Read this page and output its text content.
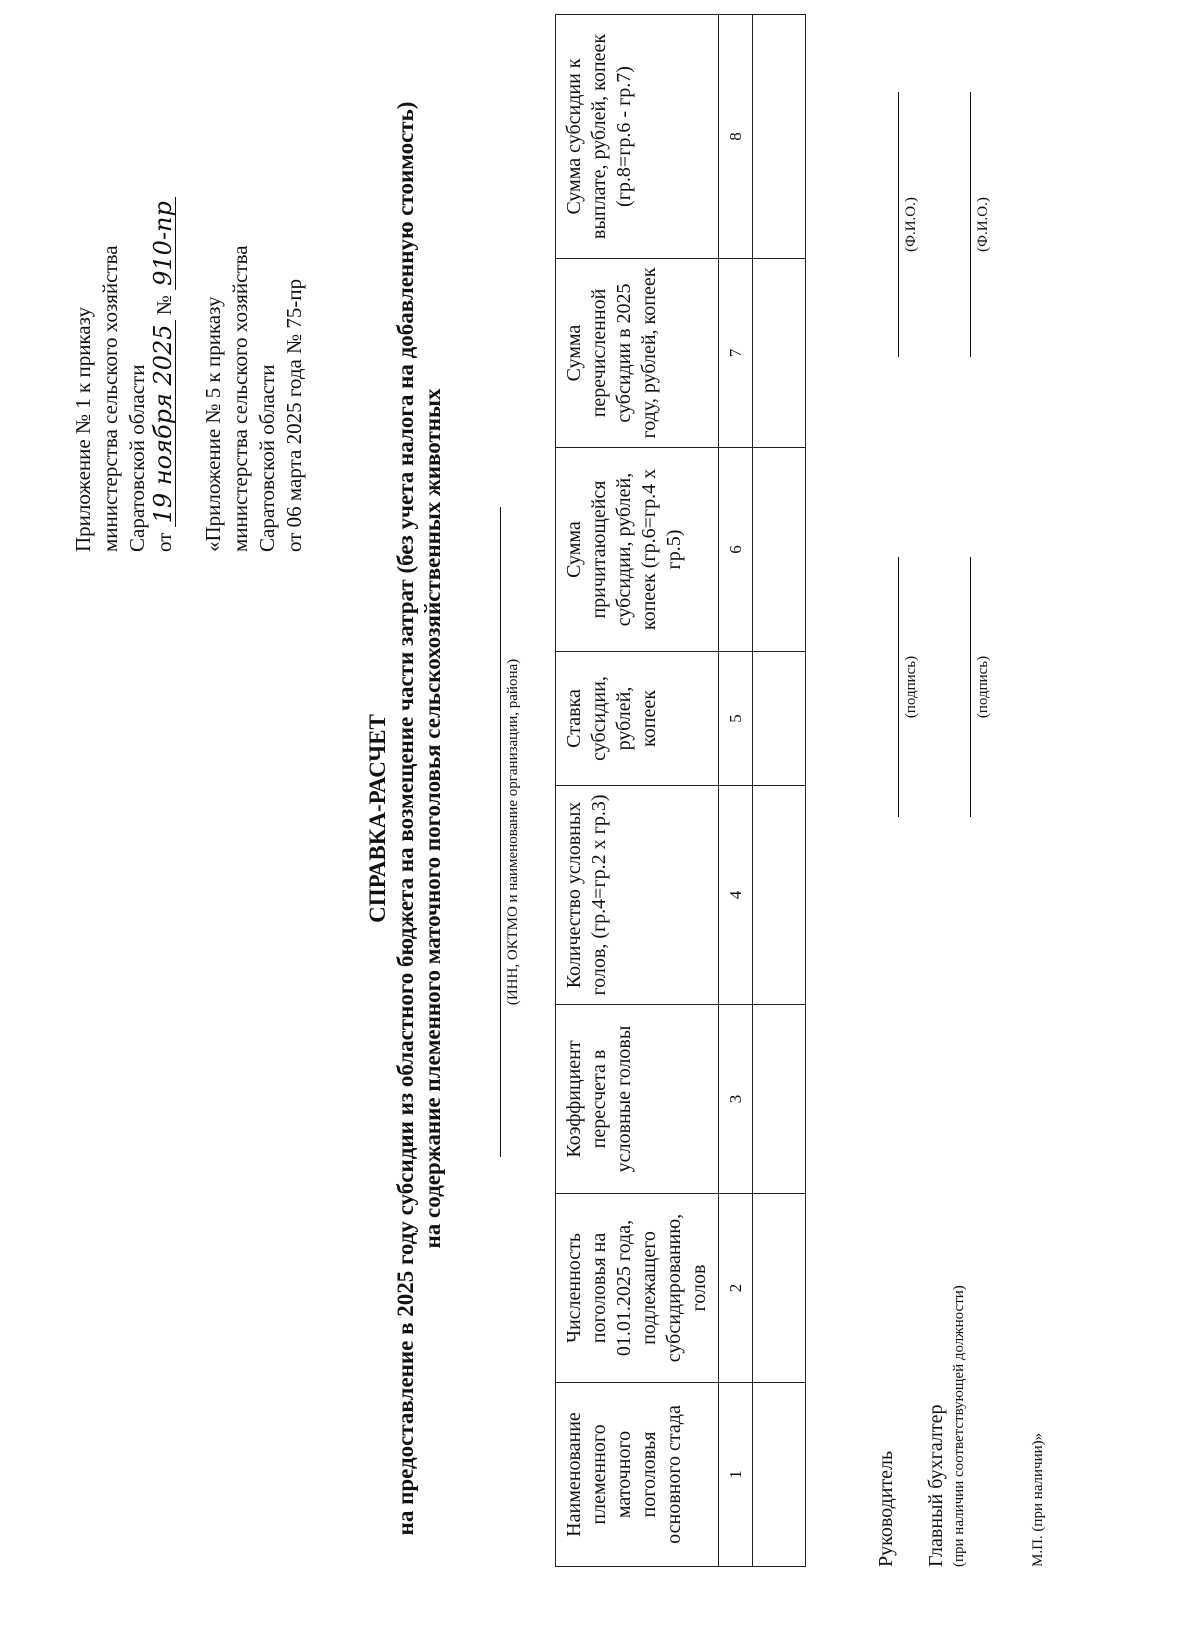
Приложение № 1 к приказу министерства сельского хозяйства Саратовской области от 19 ноября 2025 № 910-пр
«Приложение № 5 к приказу министерства сельского хозяйства Саратовской области от 06 марта 2025 года № 75-пр
СПРАВКА-РАСЧЕТ на предоставление в 2025 году субсидии из областного бюджета на возмещение части затрат (без учета налога на добавленную стоимость) на содержание племенного маточного поголовья сельскохозяйственных животных	(ИНН, ОКТМО и наименование организации, района)
Наименование племенного маточного поголовья основного стада	Численность поголовья на 01.01.2025 года, подлежащего субсидированию, голов	Коэффициент пересчета в условные головы	Количество условных голов, (гр.4=гр.2 х гр.3)	Ставка субсидии, рублей, копеек	Сумма причитающейся субсидии, рублей, копеек (гр.6=гр.4 х гр.5)	Сумма перечисленной субсидии в 2025 году, рублей, копеек	Сумма субсидии к выплате, рублей, копеек (гр.8=гр.6 - гр.7)
1	2	3	4	5	6	7	8

Руководитель
(подпись)
(Ф.И.О.)
Главный бухгалтер (при наличии соответствующей должности)
(подпись)
(Ф.И.О.)
М.П. (при наличии)»
